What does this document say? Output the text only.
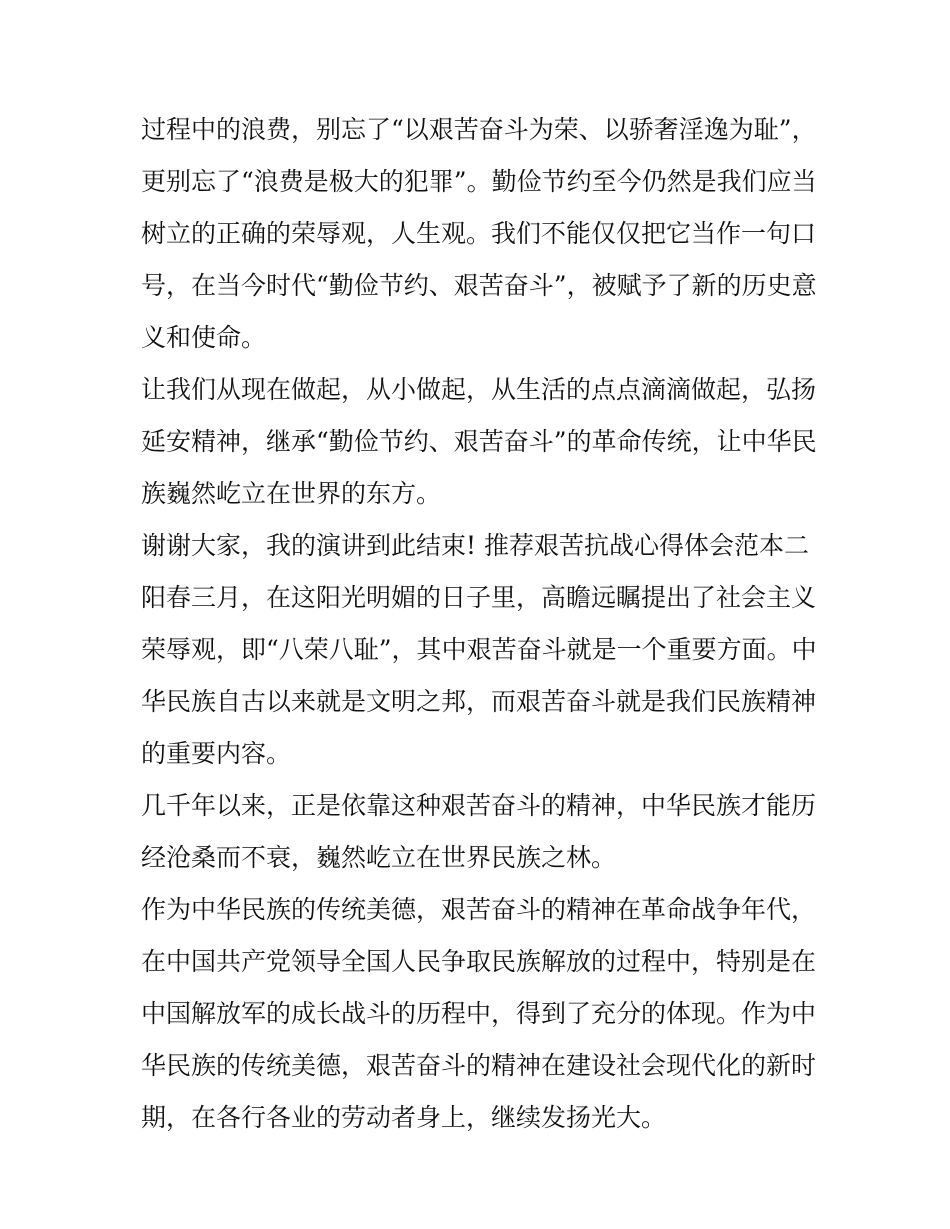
过程中的浪费，别忘了“以艰苦奋斗为荣、以骄奢淫逸为耻”，
更别忘了“浪费是极大的犯罪”。勤俭节约至今仍然是我们应当
树立的正确的荣辱观，人生观。我们不能仅仅把它当作一句口
号，在当今时代“勤俭节约、艰苦奋斗”，被赋予了新的历史意
义和使命。

让我们从现在做起，从小做起，从生活的点点滴滴做起，弘扬
延安精神，继承“勤俭节约、艰苦奋斗”的革命传统，让中华民
族巍然屹立在世界的东方。

谢谢大家，我的演讲到此结束! 推荐艰苦抗战心得体会范本二

阳春三月，在这阳光明媚的日子里，高瞻远瞩提出了社会主义
荣辱观，即“八荣八耻”，其中艰苦奋斗就是一个重要方面。中
华民族自古以来就是文明之邦，而艰苦奋斗就是我们民族精神
的重要内容。

几千年以来，正是依靠这种艰苦奋斗的精神，中华民族才能历
经沧桑而不衰，巍然屹立在世界民族之林。

作为中华民族的传统美德，艰苦奋斗的精神在革命战争年代，
在中国共产党领导全国人民争取民族解放的过程中，特别是在
中国解放军的成长战斗的历程中，得到了充分的体现。作为中
华民族的传统美德，艰苦奋斗的精神在建设社会现代化的新时
期，在各行各业的劳动者身上，继续发扬光大。
